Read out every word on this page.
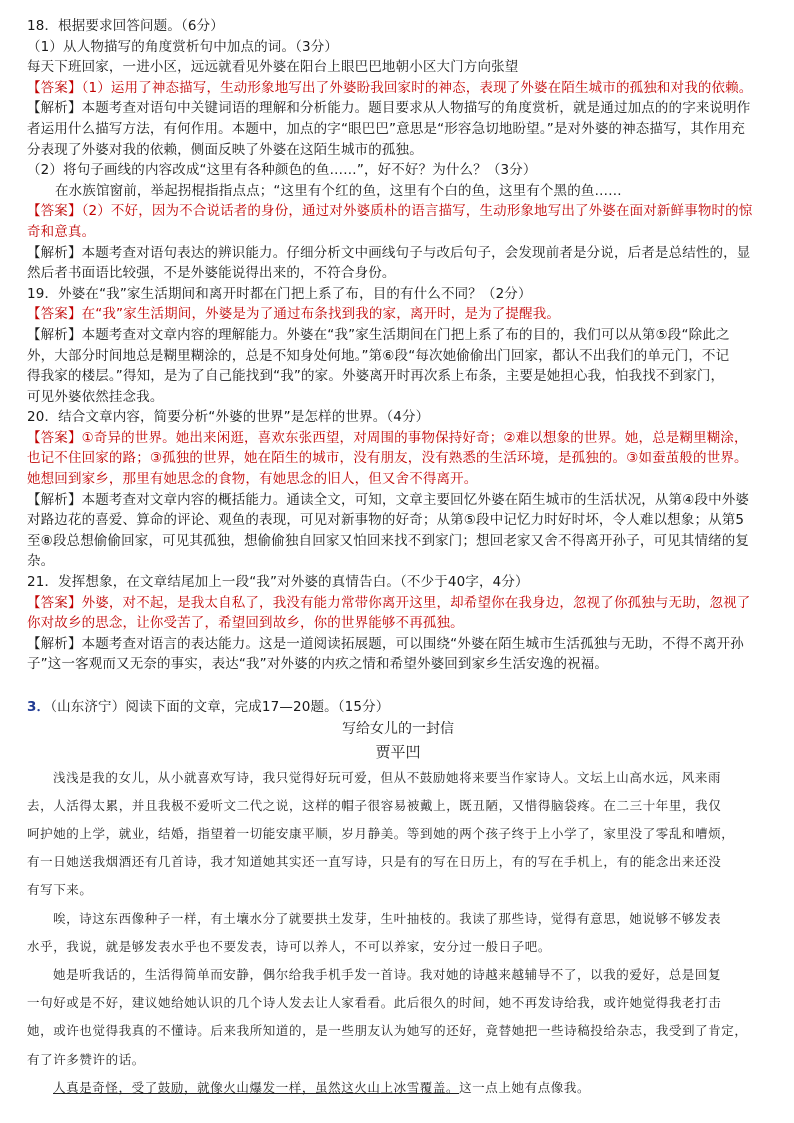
18．根据要求回答问题。（6分）
（1）从人物描写的角度赏析句中加点的词。（3分）
每天下班回家，一进小区，远远就看见外婆在阳台上眼巴巴地朝小区大门方向张望
【答案】（1）运用了神态描写，生动形象地写出了外婆盼我回家时的神态，表现了外婆在陌生城市的孤独和对我的依赖。
【解析】本题考查对语句中关键词语的理解和分析能力。题目要求从人物描写的角度赏析，就是通过加点的的字来说明作
者运用什么描写方法，有何作用。本题中，加点的字“眼巴巴”意思是“形容急切地盼望。”是对外婆的神态描写，其作用充
分表现了外婆对我的依赖，侧面反映了外婆在这陌生城市的孤独。
（2）将句子画线的内容改成“这里有各种颜色的鱼……”，好不好？为什么？（3分）
在水族馆窗前，举起拐棍指指点点；“这里有个红的鱼，这里有个白的鱼，这里有个黑的鱼……
【答案】（2）不好，因为不合说话者的身份，通过对外婆质朴的语言描写，生动形象地写出了外婆在面对新鲜事物时的惊
奇和意真。
【解析】本题考查对语句表达的辨识能力。仔细分析文中画线句子与改后句子，会发现前者是分说，后者是总结性的，显
然后者书面语比较强，不是外婆能说得出来的，不符合身份。
19．外婆在“我”家生活期间和离开时都在门把上系了布，目的有什么不同？（2分）
【答案】在“我”家生活期间，外婆是为了通过布条找到我的家，离开时，是为了提醒我。
【解析】本题考查对文章内容的理解能力。外婆在“我”家生活期间在门把上系了布的目的，我们可以从第⑤段“除此之
外，大部分时间地总是糊里糊涂的，总是不知身处何地。”第⑥段“每次她偷偷出门回家，都认不出我们的单元门，不记
得我家的楼层。”得知，是为了自己能找到“我”的家。外婆离开时再次系上布条，主要是她担心我，怕我找不到家门，
可见外婆依然挂念我。
20．结合文章内容，简要分析“外婆的世界”是怎样的世界。（4分）
【答案】①奇异的世界。她出来闲逛，喜欢东张西望，对周围的事物保持好奇；②难以想象的世界。她，总是糊里糊涂，
也记不住回家的路；③孤独的世界，她在陌生的城市，没有朋友，没有熟悉的生活环境，是孤独的。③如蚕茧般的世界。
她想回到家乡，那里有她思念的食物，有她思念的旧人，但又舍不得离开。
【解析】本题考查对文章内容的概括能力。通读全文，可知，文章主要回忆外婆在陌生城市的生活状况，从第④段中外婆
对路边花的喜爱、算命的评论、观鱼的表现，可见对新事物的好奇；从第⑤段中记忆力时好时坏，令人难以想象；从第5
至⑧段总想偷偷回家，可见其孤独，想偷偷独自回家又怕回来找不到家门；想回老家又舍不得离开孙子，可见其情绪的复
杂。
21．发挥想象，在文章结尾加上一段“我”对外婆的真情告白。（不少于40字，4分）
【答案】外婆，对不起，是我太自私了，我没有能力常带你离开这里，却希望你在我身边，忽视了你孤独与无助，忽视了
你对故乡的思念，让你受苦了，希望回到故乡，你的世界能够不再孤独。
【解析】本题考查对语言的表达能力。这是一道阅读拓展题，可以围绕“外婆在陌生城市生活孤独与无助，不得不离开孙
子”这一客观而又无奈的事实，表达“我”对外婆的内疚之情和希望外婆回到家乡生活安逸的祝福。
3．（山东济宁）阅读下面的文章，完成17—20题。（15分）
写给女儿的一封信
贾平凹
浅浅是我的女儿，从小就喜欢写诗，我只觉得好玩可爱，但从不鼓励她将来要当作家诗人。文坛上山高水远，风来雨
去，人活得太累，并且我极不爱听文二代之说，这样的帽子很容易被戴上，既丑陋，又惜得脑袋疼。在二三十年里，我仅
呵护她的上学，就业，结婚，指望着一切能安康平顺，岁月静美。等到她的两个孩子终于上小学了，家里没了零乱和嘈烦，
有一日她送我烟酒还有几首诗，我才知道她其实还一直写诗，只是有的写在日历上，有的写在手机上，有的能念出来还没
有写下来。
唉，诗这东西像种子一样，有土壤水分了就要拱土发芽，生叶抽枝的。我读了那些诗，觉得有意思，她说够不够发表
水乎，我说，就是够发表水乎也不要发表，诗可以养人，不可以养家，安分过一般日子吧。
她是听我话的，生活得简单而安静，偶尔给我手机手发一首诗。我对她的诗越来越辅导不了，以我的爱好，总是回复
一句好或是不好，建议她给她认识的几个诗人发去让人家看看。此后很久的时间，她不再发诗给我，或许她觉得我老打击
她，或许也觉得我真的不懂诗。后来我所知道的，是一些朋友认为她写的还好，竟替她把一些诗稿投给杂志，我受到了肯定，
有了许多赞许的话。
人真是奇怪，受了鼓励，就像火山爆发一样，虽然这火山上冰雪覆盖。这一点上她有点像我。
